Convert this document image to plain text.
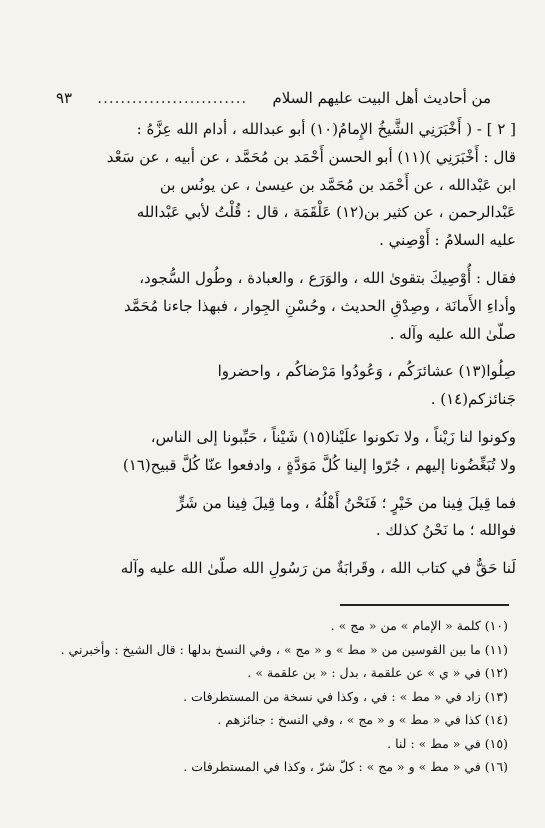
من أحاديث أهل البيت عليهم السلام
..........................
٩٣

[ ٢ ] - ( أَخْبَرَنِي الشَّيخُ الإِمامُ(١٠) أبو عبدالله ، أدام الله عِزَّهُ :

قال : أَخْبَرَنِي )(١١) أبو الحسن أَحْمَد بن مُحَمَّد ، عن أبيه ، عن سَعْد

ابن عَبْدالله ، عن أَحْمَد بن مُحَمَّد بن عيسىٰ ، عن يونُس بن

عَبْدالرحمن ، عن كثير بن(١٢) عَلْقَمَة ، قال : قُلْتُ لأبي عَبْدالله

عليه السلامُ : أَوْصِني .

فقال : أُوْصِيكَ بتقوىٰ الله ، والوَرَع ، والعبادة ، وطُول السُّجود،

وأداءِ الأَمانَة ، وصِدْقِ الحديث ، وحُسْنِ الجِوار ، فبهذا جاءنا مُحَمَّد

صلّىٰ الله عليه وآله .

صِلُوا(١٣) عشائرَكُم ، وَعُودُوا مَرْضاكُم ، واحضروا

جَنائزكم(١٤) .

وكونوا لنا زَيْناً ، ولا تكونوا علَيْنا(١٥) شَيْناً ، حَبِّبونا إلى الناس،

ولا تُبَغِّضُونا إليهم ، جُرّوا إلينا كُلَّ مَوَدَّةٍ ، وادفعوا عنّا كُلَّ قبيح(١٦)

فما قِيلَ فِينا من خَيْرٍ ؛ فَنَحْنُ أَهْلُهُ ، وما قِيلَ فِينا من شَرٍّ

فوالله ؛ ما نَحْنُ كذلك .

لَنا حَقٌّ في كتاب الله ، وقَرابَةٌ من رَسُولِ الله صلّىٰ الله عليه وآله

(١٠) كلمة « الإمام » من « مج » .
(١١) ما بين القوسين من « مط » و « مج » ، وفي النسخ بدلها : قال الشيخ : وأخبرني .
(١٢) في « ي » عن علقمة ، بدل : « بن علقمة » .
(١٣) زاد في « مط » : في ، وكذا في نسخة من المستطرفات .
(١٤) كذا في « مط » و « مج » ، وفي النسخ : جنائزهم .
(١٥) في « مط » : لنا .
(١٦) في « مط » و « مج » : كلّ شرّ ، وكذا في المستطرفات .
